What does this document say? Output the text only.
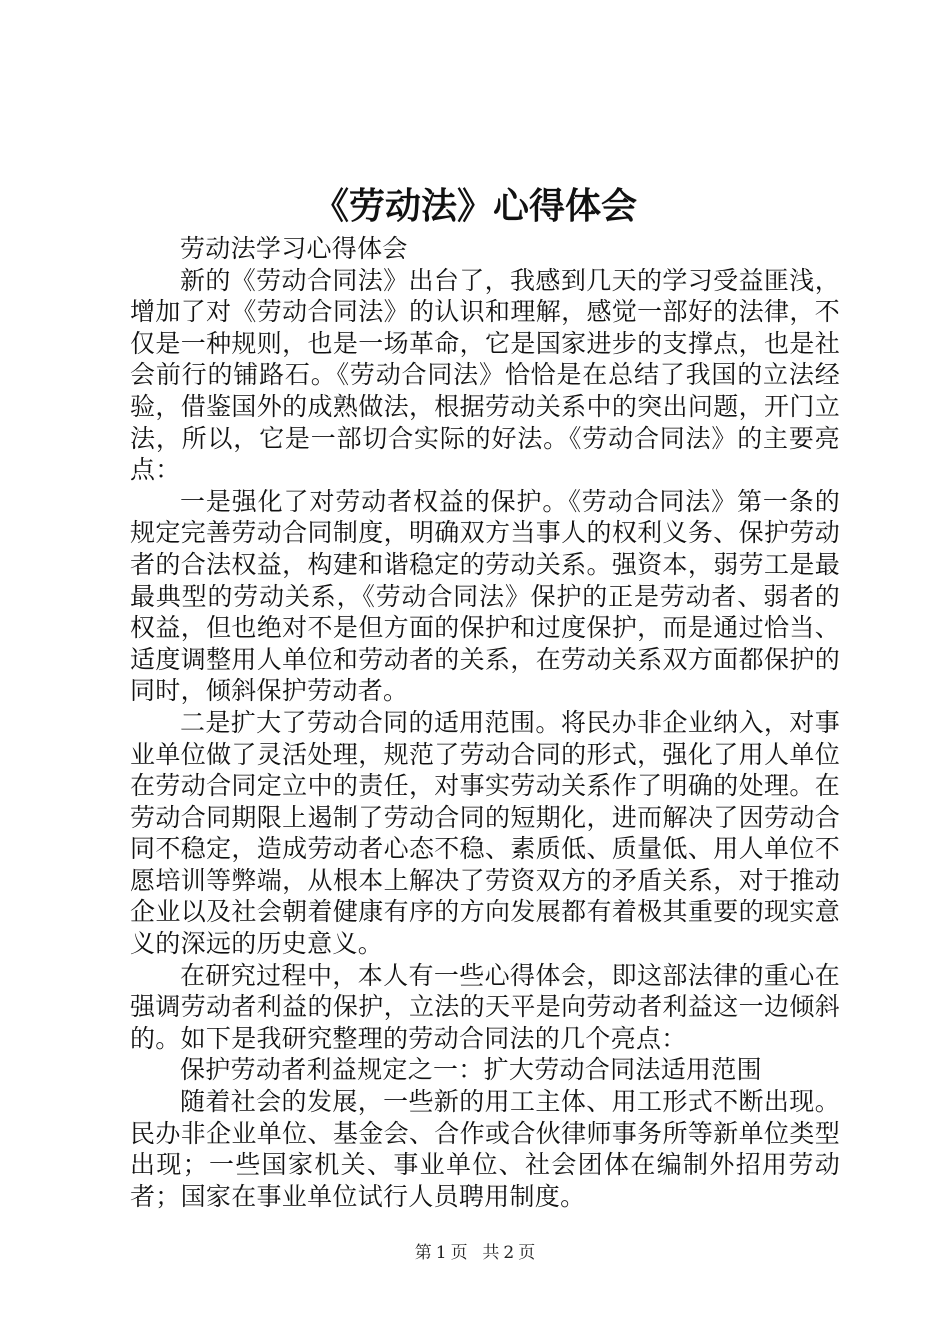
《劳动法》心得体会

劳动法学习心得体会

新的《劳动合同法》出台了，我感到几天的学习受益匪浅，增加了对《劳动合同法》的认识和理解，感觉一部好的法律，不仅是一种规则，也是一场革命，它是国家进步的支撑点，也是社会前行的铺路石。《劳动合同法》恰恰是在总结了我国的立法经验，借鉴国外的成熟做法，根据劳动关系中的突出问题，开门立法，所以，它是一部切合实际的好法。《劳动合同法》的主要亮点：

一是强化了对劳动者权益的保护。《劳动合同法》第一条的规定完善劳动合同制度，明确双方当事人的权利义务、保护劳动者的合法权益，构建和谐稳定的劳动关系。强资本，弱劳工是最最典型的劳动关系，《劳动合同法》保护的正是劳动者、弱者的权益，但也绝对不是但方面的保护和过度保护，而是通过恰当、适度调整用人单位和劳动者的关系，在劳动关系双方面都保护的同时，倾斜保护劳动者。

二是扩大了劳动合同的适用范围。将民办非企业纳入，对事业单位做了灵活处理，规范了劳动合同的形式，强化了用人单位在劳动合同定立中的责任，对事实劳动关系作了明确的处理。在劳动合同期限上遏制了劳动合同的短期化，进而解决了因劳动合同不稳定，造成劳动者心态不稳、素质低、质量低、用人单位不愿培训等弊端，从根本上解决了劳资双方的矛盾关系，对于推动企业以及社会朝着健康有序的方向发展都有着极其重要的现实意义的深远的历史意义。

在研究过程中，本人有一些心得体会，即这部法律的重心在强调劳动者利益的保护，立法的天平是向劳动者利益这一边倾斜的。如下是我研究整理的劳动合同法的几个亮点：

保护劳动者利益规定之一：扩大劳动合同法适用范围

随着社会的发展，一些新的用工主体、用工形式不断出现。民办非企业单位、基金会、合作或合伙律师事务所等新单位类型出现；一些国家机关、事业单位、社会团体在编制外招用劳动者；国家在事业单位试行人员聘用制度。

第 1 页 共 2 页
